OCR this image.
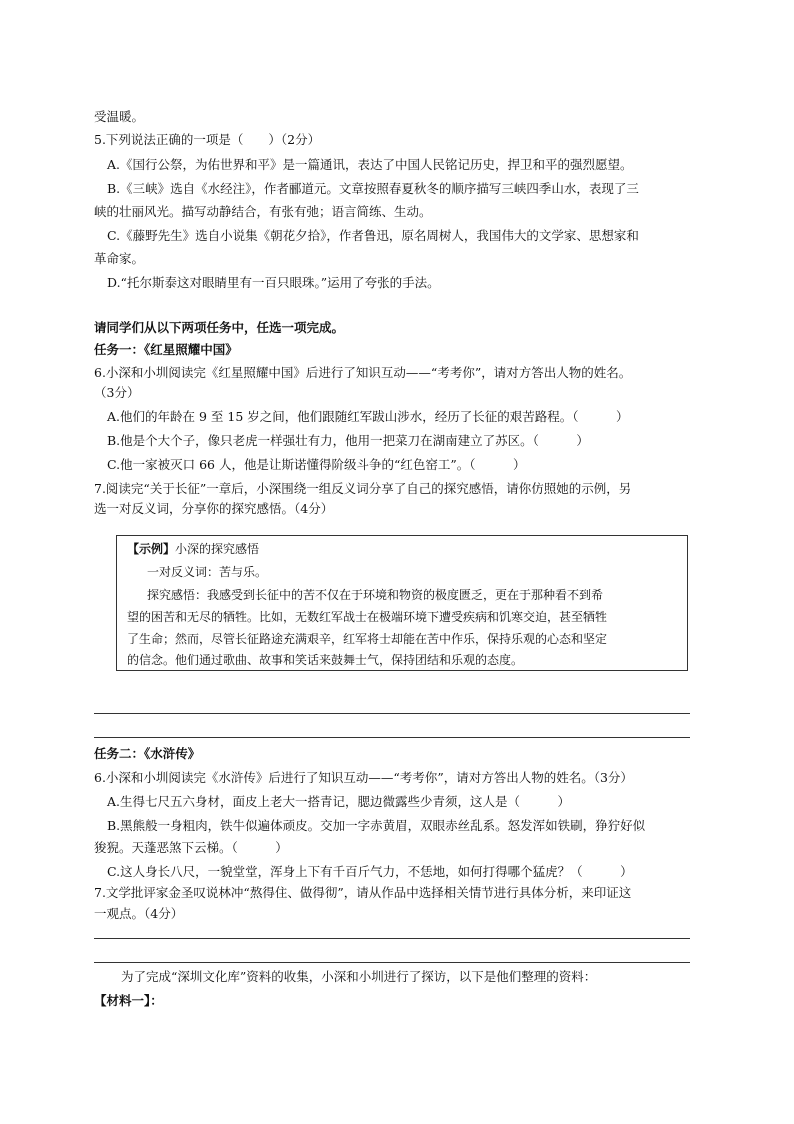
受温暖。
5.下列说法正确的一项是（　　）（2分）
A.《国行公祭，为佑世界和平》是一篇通讯，表达了中国人民铭记历史，捍卫和平的强烈愿望。
B.《三峡》选自《水经注》，作者郦道元。文章按照春夏秋冬的顺序描写三峡四季山水，表现了三
峡的壮丽风光。描写动静结合，有张有弛；语言简练、生动。
C.《藤野先生》选自小说集《朝花夕拾》，作者鲁迅，原名周树人，我国伟大的文学家、思想家和
革命家。
D.“托尔斯泰这对眼睛里有一百只眼珠。”运用了夸张的手法。
请同学们从以下两项任务中，任选一项完成。
任务一：《红星照耀中国》
6.小深和小圳阅读完《红星照耀中国》后进行了知识互动——“考考你”，请对方答出人物的姓名。
（3分）
A.他们的年龄在 9 至 15 岁之间，他们跟随红军跋山涉水，经历了长征的艰苦路程。（　　　）
B.他是个大个子，像只老虎一样强壮有力，他用一把菜刀在湖南建立了苏区。（　　　）
C.他一家被灭口 66 人，他是让斯诺懂得阶级斗争的“红色窑工”。（　　　）
7.阅读完“关于长征”一章后，小深围绕一组反义词分享了自己的探究感悟，请你仿照她的示例，另
选一对反义词，分享你的探究感悟。（4分）
【示例】小深的探究感悟
一对反义词：苦与乐。
探究感悟：我感受到长征中的苦不仅在于环境和物资的极度匮乏，更在于那种看不到希
望的困苦和无尽的牺牲。比如，无数红军战士在极端环境下遭受疾病和饥寒交迫，甚至牺牲
了生命；然而，尽管长征路途充满艰辛，红军将士却能在苦中作乐，保持乐观的心态和坚定
的信念。他们通过歌曲、故事和笑话来鼓舞士气，保持团结和乐观的态度。
任务二：《水浒传》
6.小深和小圳阅读完《水浒传》后进行了知识互动——“考考你”，请对方答出人物的姓名。（3分）
A.生得七尺五六身材，面皮上老大一搭青记，腮边微露些少青须，这人是（　　　）
B.黑熊般一身粗肉，铁牛似遍体顽皮。交加一字赤黄眉，双眼赤丝乱系。怒发浑如铁刷，狰狞好似
狻猊。天蓬恶煞下云梯。（　　　）
C.这人身长八尺，一貌堂堂，浑身上下有千百斤气力，不恁地，如何打得哪个猛虎？（　　　）
7.文学批评家金圣叹说林冲“熬得住、做得彻”，请从作品中选择相关情节进行具体分析，来印证这
一观点。（4分）
为了完成“深圳文化库”资料的收集，小深和小圳进行了探访，以下是他们整理的资料：
【材料一】：
